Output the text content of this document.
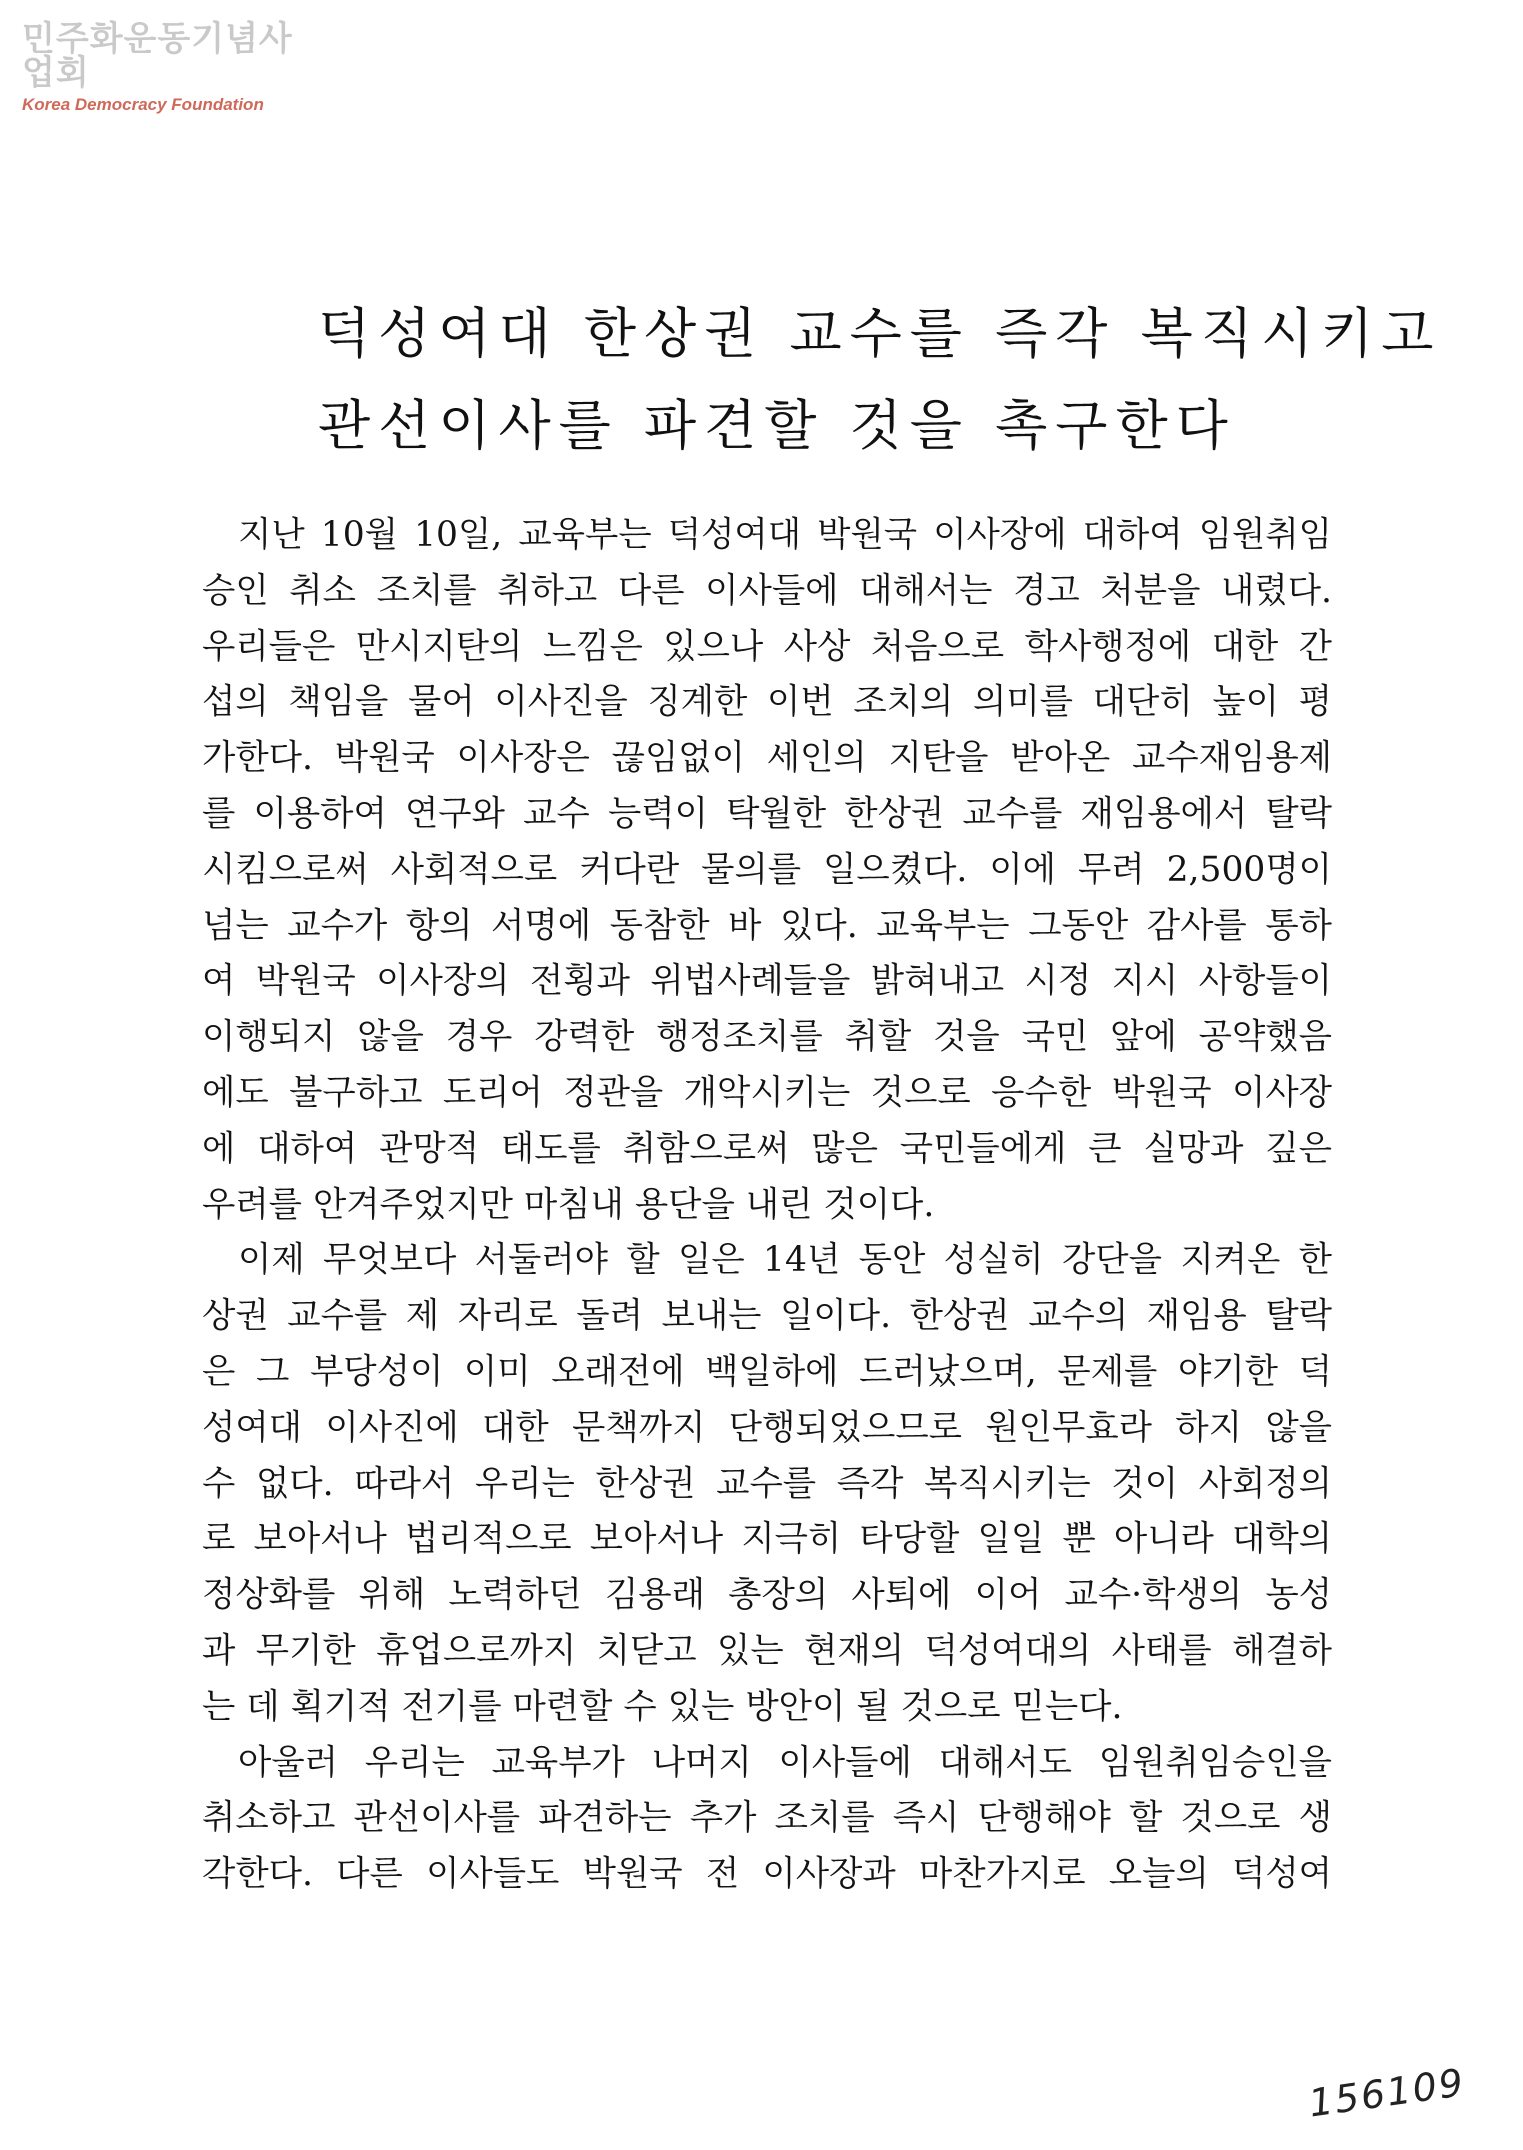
민주화운동기념사업회
Korea Democracy Foundation
덕성여대 한상권 교수를 즉각 복직시키고
관선이사를 파견할 것을 촉구한다
지난 10월 10일, 교육부는 덕성여대 박원국 이사장에 대하여 임원취임
승인 취소 조치를 취하고 다른 이사들에 대해서는 경고 처분을 내렸다.
우리들은 만시지탄의 느낌은 있으나 사상 처음으로 학사행정에 대한 간
섭의 책임을 물어 이사진을 징계한 이번 조치의 의미를 대단히 높이 평
가한다. 박원국 이사장은 끊임없이 세인의 지탄을 받아온 교수재임용제
를 이용하여 연구와 교수 능력이 탁월한 한상권 교수를 재임용에서 탈락
시킴으로써 사회적으로 커다란 물의를 일으켰다. 이에 무려 2,500명이
넘는 교수가 항의 서명에 동참한 바 있다. 교육부는 그동안 감사를 통하
여 박원국 이사장의 전횡과 위법사례들을 밝혀내고 시정 지시 사항들이
이행되지 않을 경우 강력한 행정조치를 취할 것을 국민 앞에 공약했음
에도 불구하고 도리어 정관을 개악시키는 것으로 응수한 박원국 이사장
에 대하여 관망적 태도를 취함으로써 많은 국민들에게 큰 실망과 깊은
우려를 안겨주었지만 마침내 용단을 내린 것이다.
이제 무엇보다 서둘러야 할 일은 14년 동안 성실히 강단을 지켜온 한
상권 교수를 제 자리로 돌려 보내는 일이다. 한상권 교수의 재임용 탈락
은 그 부당성이 이미 오래전에 백일하에 드러났으며, 문제를 야기한 덕
성여대 이사진에 대한 문책까지 단행되었으므로 원인무효라 하지 않을
수 없다. 따라서 우리는 한상권 교수를 즉각 복직시키는 것이 사회정의
로 보아서나 법리적으로 보아서나 지극히 타당할 일일 뿐 아니라 대학의
정상화를 위해 노력하던 김용래 총장의 사퇴에 이어 교수·학생의 농성
과 무기한 휴업으로까지 치닫고 있는 현재의 덕성여대의 사태를 해결하
는 데 획기적 전기를 마련할 수 있는 방안이 될 것으로 믿는다.
아울러 우리는 교육부가 나머지 이사들에 대해서도 임원취임승인을
취소하고 관선이사를 파견하는 추가 조치를 즉시 단행해야 할 것으로 생
각한다. 다른 이사들도 박원국 전 이사장과 마찬가지로 오늘의 덕성여
156109
